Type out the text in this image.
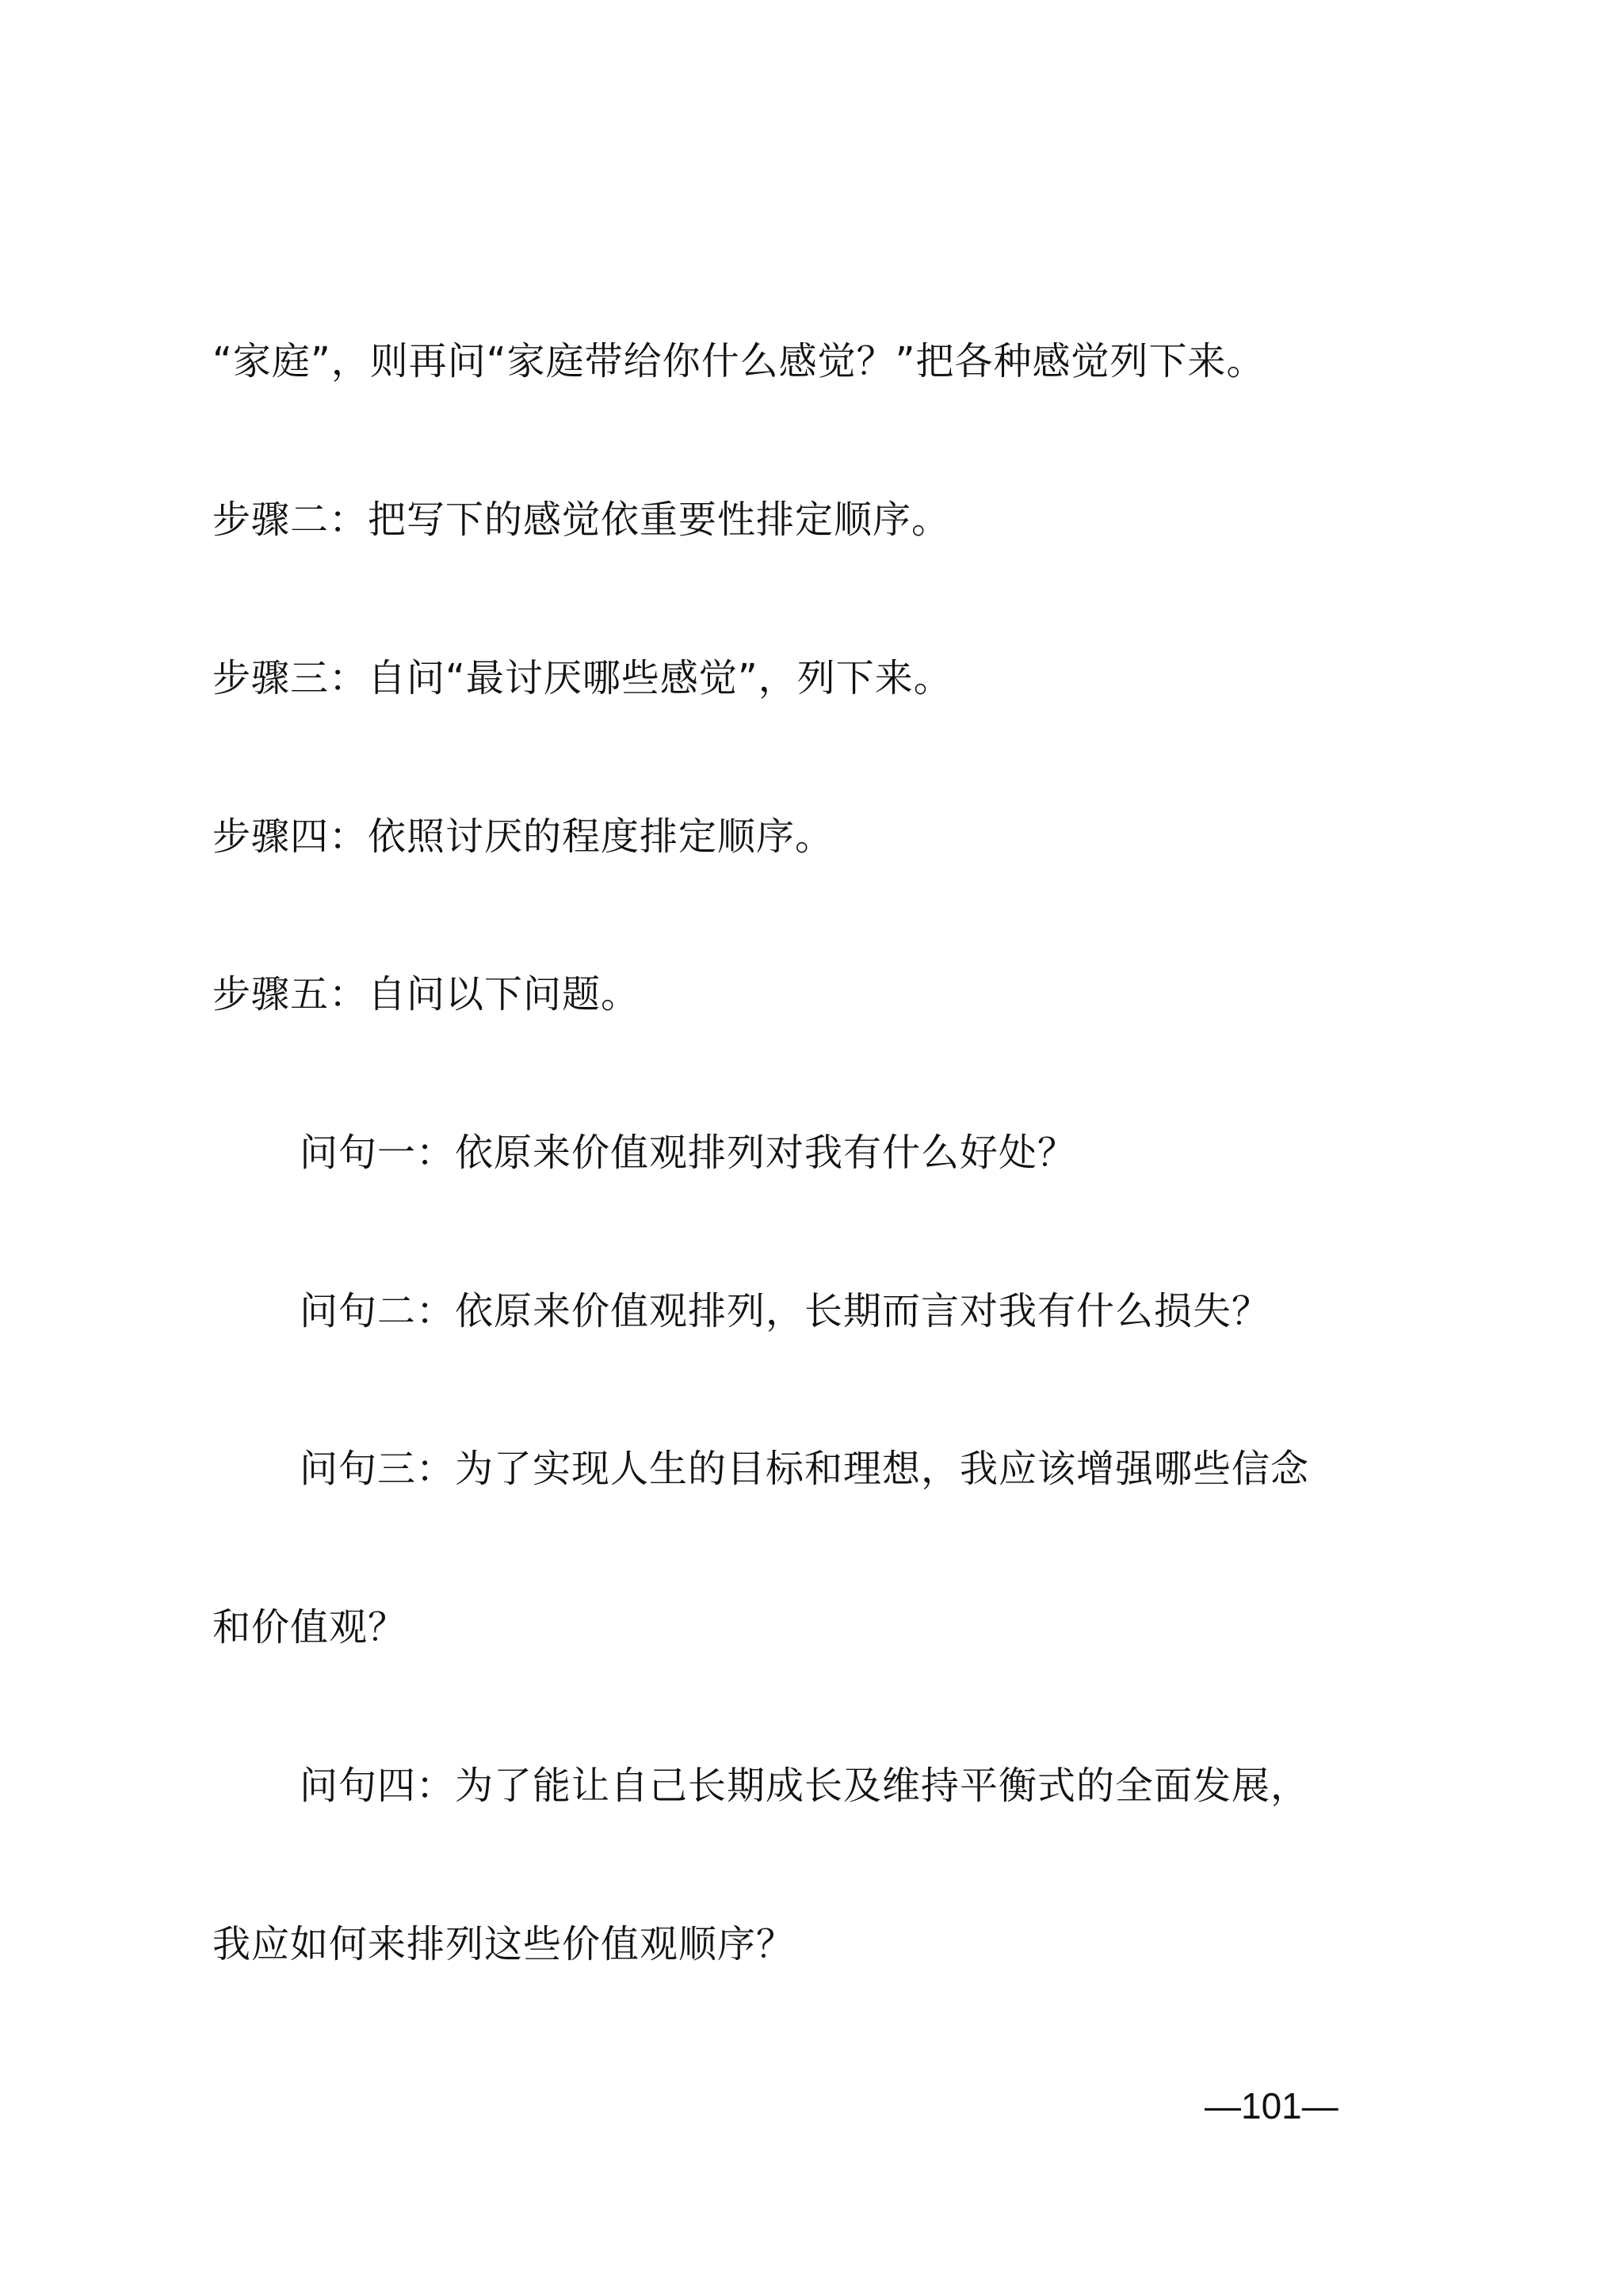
“家庭”，则再问“家庭带给你什么感觉？”把各种感觉列下来。
步骤二：把写下的感觉依重要性排定顺序。
步骤三：自问“最讨厌哪些感觉”，列下来。
步骤四：依照讨厌的程度排定顺序。
步骤五：自问以下问题。
问句一：依原来价值观排列对我有什么好处？
问句二：依原来价值观排列，长期而言对我有什么损失？
问句三：为了实现人生的目标和理想，我应该增强哪些信念
和价值观？
问句四：为了能让自己长期成长及维持平衡式的全面发展，
我应如何来排列这些价值观顺序？
—101—
